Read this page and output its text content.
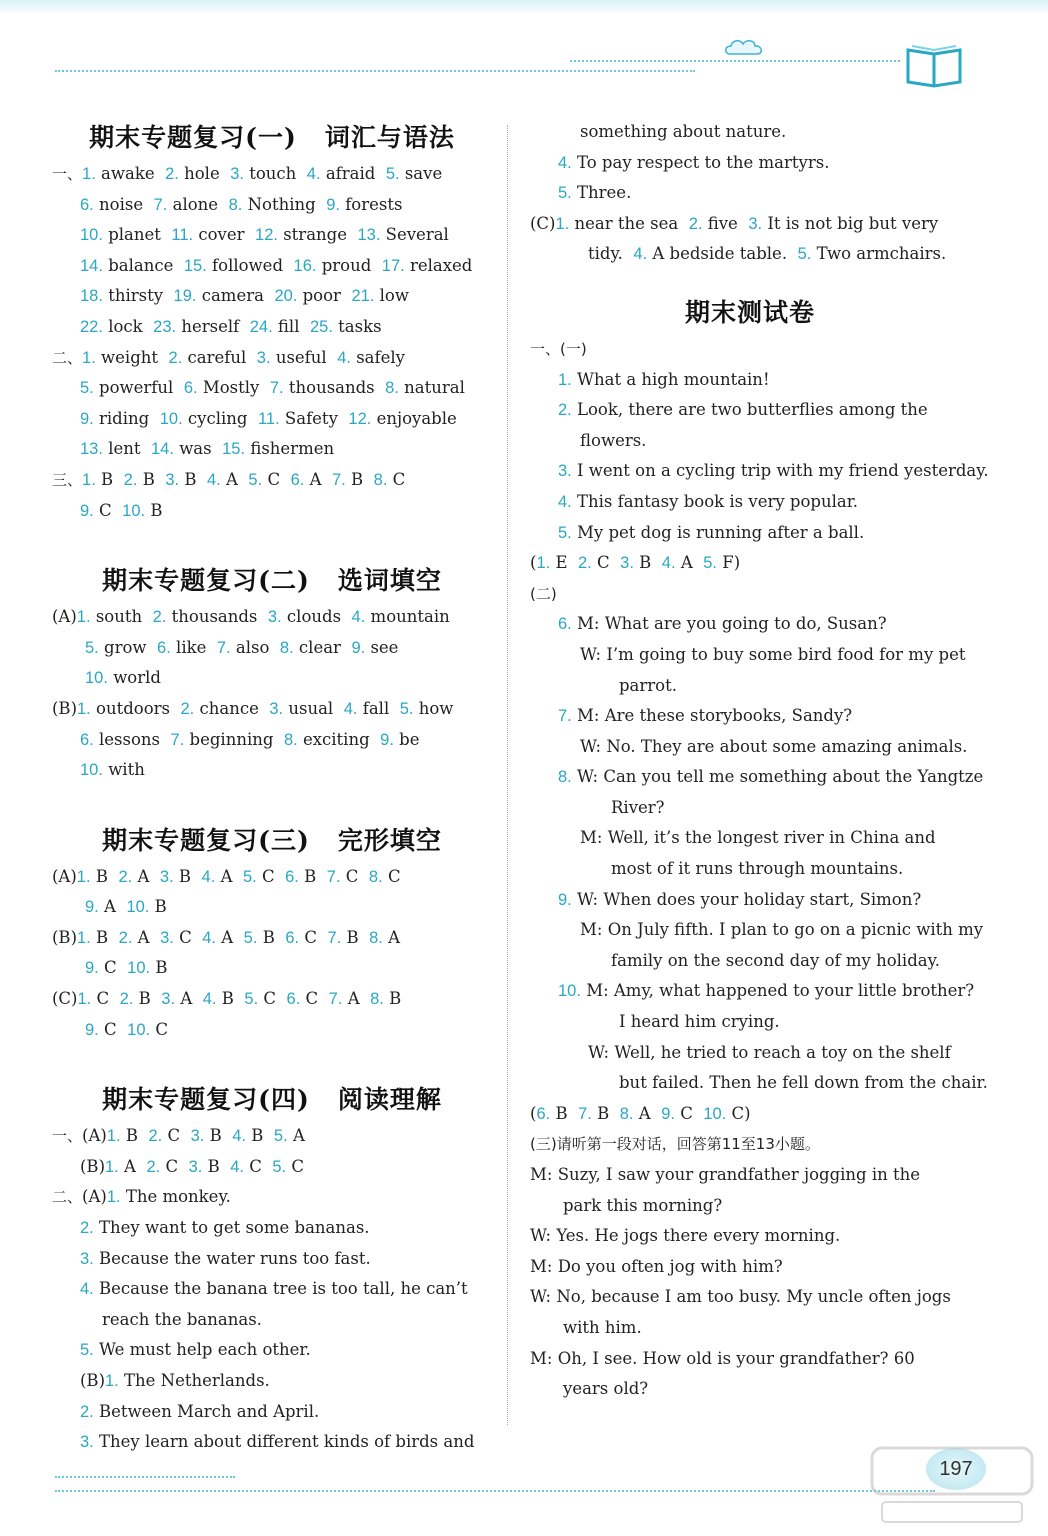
期末专题复习(一) 词汇与语法
一、1. awake 2. hole 3. touch 4. afraid 5. save
6. noise 7. alone 8. Nothing 9. forests
10. planet 11. cover 12. strange 13. Several
14. balance 15. followed 16. proud 17. relaxed
18. thirsty 19. camera 20. poor 21. low
22. lock 23. herself 24. fill 25. tasks
二、1. weight 2. careful 3. useful 4. safely
5. powerful 6. Mostly 7. thousands 8. natural
9. riding 10. cycling 11. Safety 12. enjoyable
13. lent 14. was 15. fishermen
三、1. B 2. B 3. B 4. A 5. C 6. A 7. B 8. C
9. C 10. B
期末专题复习(二) 选词填空
(A)1. south 2. thousands 3. clouds 4. mountain
5. grow 6. like 7. also 8. clear 9. see
10. world
(B)1. outdoors 2. chance 3. usual 4. fall 5. how
6. lessons 7. beginning 8. exciting 9. be
10. with
期末专题复习(三) 完形填空
(A)1. B 2. A 3. B 4. A 5. C 6. B 7. C 8. C
9. A 10. B
(B)1. B 2. A 3. C 4. A 5. B 6. C 7. B 8. A
9. C 10. B
(C)1. C 2. B 3. A 4. B 5. C 6. C 7. A 8. B
9. C 10. C
期末专题复习(四) 阅读理解
一、(A)1. B 2. C 3. B 4. B 5. A
(B)1. A 2. C 3. B 4. C 5. C
二、(A)1. The monkey.
2. They want to get some bananas.
3. Because the water runs too fast.
4. Because the banana tree is too tall, he can’t
reach the bananas.
5. We must help each other.
(B)1. The Netherlands.
2. Between March and April.
3. They learn about different kinds of birds and
something about nature.
4. To pay respect to the martyrs.
5. Three.
(C)1. near the sea 2. five 3. It is not big but very
tidy. 4. A bedside table. 5. Two armchairs.
期末测试卷
一、(一)
1. What a high mountain!
2. Look, there are two butterflies among the
flowers.
3. I went on a cycling trip with my friend yesterday.
4. This fantasy book is very popular.
5. My pet dog is running after a ball.
(1. E 2. C 3. B 4. A 5. F)
(二)
6. M: What are you going to do, Susan?
W: I’m going to buy some bird food for my pet
parrot.
7. M: Are these storybooks, Sandy?
W: No. They are about some amazing animals.
8. W: Can you tell me something about the Yangtze
River?
M: Well, it’s the longest river in China and
most of it runs through mountains.
9. W: When does your holiday start, Simon?
M: On July fifth. I plan to go on a picnic with my
family on the second day of my holiday.
10. M: Amy, what happened to your little brother?
I heard him crying.
W: Well, he tried to reach a toy on the shelf
but failed. Then he fell down from the chair.
(6. B 7. B 8. A 9. C 10. C)
(三)请听第一段对话，回答第11至13小题。
M: Suzy, I saw your grandfather jogging in the
park this morning?
W: Yes. He jogs there every morning.
M: Do you often jog with him?
W: No, because I am too busy. My uncle often jogs
with him.
M: Oh, I see. How old is your grandfather? 60
years old?
197
